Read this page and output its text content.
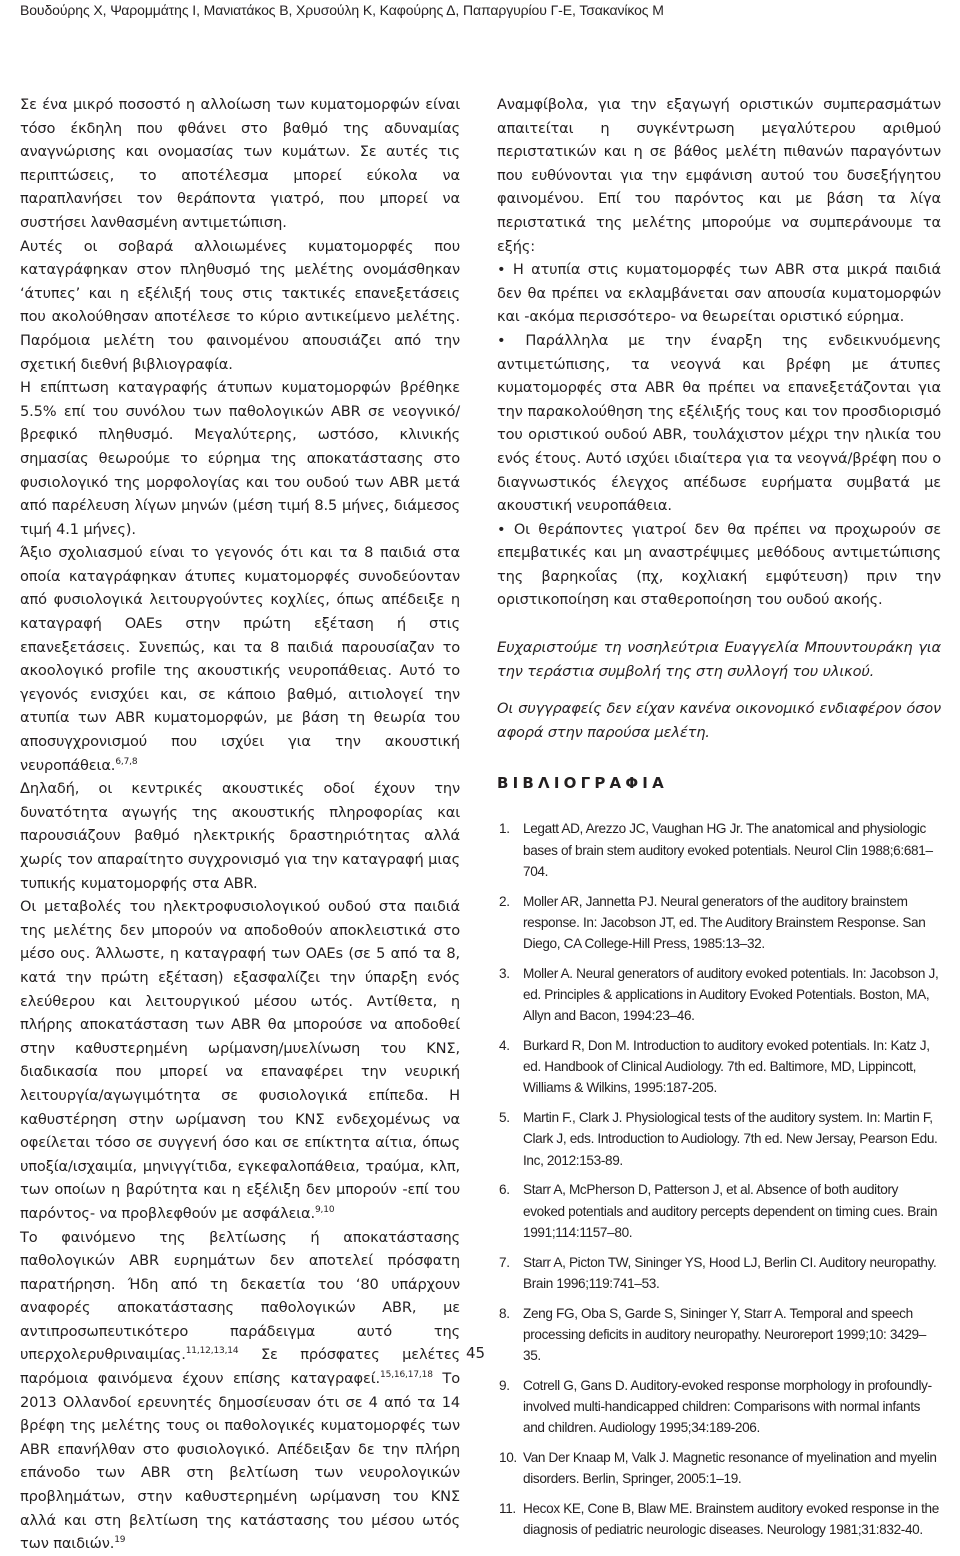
Βουδούρης Χ, Ψαρομμάτης Ι, Μανιατάκος Β, Χρυσούλη Κ, Καφούρης Δ, Παπαργυρίου Γ-Ε, Τσακανίκος Μ

Σε ένα μικρό ποσοστό η αλλοίωση των κυματομορφών είναι τόσο έκδηλη που φθάνει στο βαθμό της αδυναμίας αναγνώρισης και ονομασίας των κυμάτων. Σε αυτές τις περιπτώσεις, το αποτέλεσμα μπορεί εύκολα να παραπλανήσει τον θεράποντα γιατρό, που μπορεί να συστήσει λανθασμένη αντιμετώπιση.

Αυτές οι σοβαρά αλλοιωμένες κυματομορφές που καταγράφηκαν στον πληθυσμό της μελέτης ονομάσθηκαν ‘άτυπες’ και η εξέλιξή τους στις τακτικές επανεξετάσεις που ακολούθησαν αποτέλεσε το κύριο αντικείμενο μελέτης. Παρόμοια μελέτη του φαινομένου απουσιάζει από την σχετική διεθνή βιβλιογραφία.

Η επίπτωση καταγραφής άτυπων κυματομορφών βρέθηκε 5.5% επί του συνόλου των παθολογικών ABR σε νεογνικό/βρεφικό πληθυσμό. Μεγαλύτερης, ωστόσο, κλινικής σημασίας θεωρούμε το εύρημα της αποκατάστασης στο φυσιολογικό της μορφολογίας και του ουδού των ABR μετά από παρέλευση λίγων μηνών (μέση τιμή 8.5 μήνες, διάμεσος τιμή 4.1 μήνες).

Άξιο σχολιασμού είναι το γεγονός ότι και τα 8 παιδιά στα οποία καταγράφηκαν άτυπες κυματομορφές συνοδεύονταν από φυσιολογικά λειτουργούντες κοχλίες, όπως απέδειξε η καταγραφή OAEs στην πρώτη εξέταση ή στις επανεξετάσεις. Συνεπώς, και τα 8 παιδιά παρουσίαζαν το ακοολογικό profile της ακουστικής νευροπάθειας. Αυτό το γεγονός ενισχύει και, σε κάποιο βαθμό, αιτιολογεί την ατυπία των ABR κυματομορφών, με βάση τη θεωρία του αποσυγχρονισμού που ισχύει για την ακουστική νευροπάθεια.$^{6,7,8}$

Δηλαδή, οι κεντρικές ακουστικές οδοί έχουν την δυνατότητα αγωγής της ακουστικής πληροφορίας και παρουσιάζουν βαθμό ηλεκτρικής δραστηριότητας αλλά χωρίς τον απαραίτητο συγχρονισμό για την καταγραφή μιας τυπικής κυματομορφής στα ABR.

Οι μεταβολές του ηλεκτροφυσιολογικού ουδού στα παιδιά της μελέτης δεν μπορούν να αποδοθούν αποκλειστικά στο μέσο ους. Άλλωστε, η καταγραφή των OAEs (σε 5 από τα 8, κατά την πρώτη εξέταση) εξασφαλίζει την ύπαρξη ενός ελεύθερου και λειτουργικού μέσου ωτός. Αντίθετα, η πλήρης αποκατάσταση των ABR θα μπορούσε να αποδοθεί στην καθυστερημένη ωρίμανση/μυελίνωση του ΚΝΣ, διαδικασία που μπορεί να επαναφέρει την νευρική λειτουργία/αγωγιμότητα σε φυσιολογικά επίπεδα. Η καθυστέρηση στην ωρίμανση του ΚΝΣ ενδεχομένως να οφείλεται τόσο σε συγγενή όσο και σε επίκτητα αίτια, όπως υποξία/ισχαιμία, μηνιγγίτιδα, εγκεφαλοπάθεια, τραύμα, κλπ, των οποίων η βαρύτητα και η εξέλιξη δεν μπορούν -επί του παρόντος- να προβλεφθούν με ασφάλεια.$^{9,10}$

Το φαινόμενο της βελτίωσης ή αποκατάστασης παθολογικών ABR ευρημάτων δεν αποτελεί πρόσφατη παρατήρηση. Ήδη από τη δεκαετία του ‘80 υπάρχουν αναφορές αποκατάστασης παθολογικών ABR, με αντιπροσωπευτικότερο παράδειγμα αυτό της υπερχολερυθριναιμίας.$^{11,12,13,14}$ Σε πρόσφατες μελέτες παρόμοια φαινόμενα έχουν επίσης καταγραφεί.$^{15,16,17,18}$ Το 2013 Ολλανδοί ερευνητές δημοσίευσαν ότι σε 4 από τα 14 βρέφη της μελέτης τους οι παθολογικές κυματομορφές των ABR επανήλθαν στο φυσιολογικό. Απέδειξαν δε την πλήρη επάνοδο των ABR στη βελτίωση των νευρολογικών προβλημάτων, στην καθυστερημένη ωρίμανση του ΚΝΣ αλλά και στη βελτίωση της κατάστασης του μέσου ωτός των παιδιών.$^{19}$

Αναμφίβολα, για την εξαγωγή οριστικών συμπερασμάτων απαιτείται η συγκέντρωση μεγαλύτερου αριθμού περιστατικών και η σε βάθος μελέτη πιθανών παραγόντων που ευθύνονται για την εμφάνιση αυτού του δυσεξήγητου φαινομένου. Επί του παρόντος και με βάση τα λίγα περιστατικά της μελέτης μπορούμε να συμπεράνουμε τα εξής:

• Η ατυπία στις κυματομορφές των ABR στα μικρά παιδιά δεν θα πρέπει να εκλαμβάνεται σαν απουσία κυματομορφών και -ακόμα περισσότερο- να θεωρείται οριστικό εύρημα.

• Παράλληλα με την έναρξη της ενδεικνυόμενης αντιμετώπισης, τα νεογνά και βρέφη με άτυπες κυματομορφές στα ABR θα πρέπει να επανεξετάζονται για την παρακολούθηση της εξέλιξής τους και τον προσδιορισμό του οριστικού ουδού ABR, τουλάχιστον μέχρι την ηλικία του ενός έτους. Αυτό ισχύει ιδιαίτερα για τα νεογνά/βρέφη που ο διαγνωστικός έλεγχος απέδωσε ευρήματα συμβατά με ακουστική νευροπάθεια.

• Οι θεράποντες γιατροί δεν θα πρέπει να προχωρούν σε επεμβατικές και μη αναστρέψιμες μεθόδους αντιμετώπισης της βαρηκοΐας (πχ, κοχλιακή εμφύτευση) πριν την οριστικοποίηση και σταθεροποίηση του ουδού ακοής.

Ευχαριστούμε τη νοσηλεύτρια Ευαγγελία Μπουντουράκη για την τεράστια συμβολή της στη συλλογή του υλικού.

Οι συγγραφείς δεν είχαν κανένα οικονομικό ενδιαφέρον όσον αφορά στην παρούσα μελέτη.

ΒΙΒΛΙΟΓΡΑΦΙΑ
1. Legatt AD, Arezzo JC, Vaughan HG Jr. The anatomical and physiologic bases of brain stem auditory evoked potentials. Neurol Clin 1988;6:681–704.
2. Moller AR, Jannetta PJ. Neural generators of the auditory brainstem response. In: Jacobson JT, ed. The Auditory Brainstem Response. San Diego, CA College-Hill Press, 1985:13–32.
3. Moller A. Neural generators of auditory evoked potentials. In: Jacobson J, ed. Principles & applications in Auditory Evoked Potentials. Boston, MA, Allyn and Bacon, 1994:23–46.
4. Burkard R, Don M. Introduction to auditory evoked potentials. In: Katz J, ed. Handbook of Clinical Audiology. 7th ed. Baltimore, MD, Lippincott, Williams & Wilkins, 1995:187-205.
5. Martin F., Clark J. Physiological tests of the auditory system. In: Martin F, Clark J, eds. Introduction to Audiology. 7th ed. New Jersay, Pearson Edu. Inc, 2012:153-89.
6. Starr A, McPherson D, Patterson J, et al. Absence of both auditory evoked potentials and auditory percepts dependent on timing cues. Brain 1991;114:1157–80.
7. Starr A, Picton TW, Sininger YS, Hood LJ, Berlin CI. Auditory neuropathy. Brain 1996;119:741–53.
8. Zeng FG, Oba S, Garde S, Sininger Y, Starr A. Temporal and speech processing deficits in auditory neuropathy. Neuroreport 1999;10: 3429–35.
9. Cotrell G, Gans D. Auditory-evoked response morphology in profoundly-involved multi-handicapped children: Comparisons with normal infants and children. Audiology 1995;34:189-206.
10. Van Der Knaap M, Valk J. Magnetic resonance of myelination and myelin disorders. Berlin, Springer, 2005:1–19.
11. Hecox KE, Cone B, Blaw ME. Brainstem auditory evoked response in the diagnosis of pediatric neurologic diseases. Neurology 1981;31:832-40.
45
